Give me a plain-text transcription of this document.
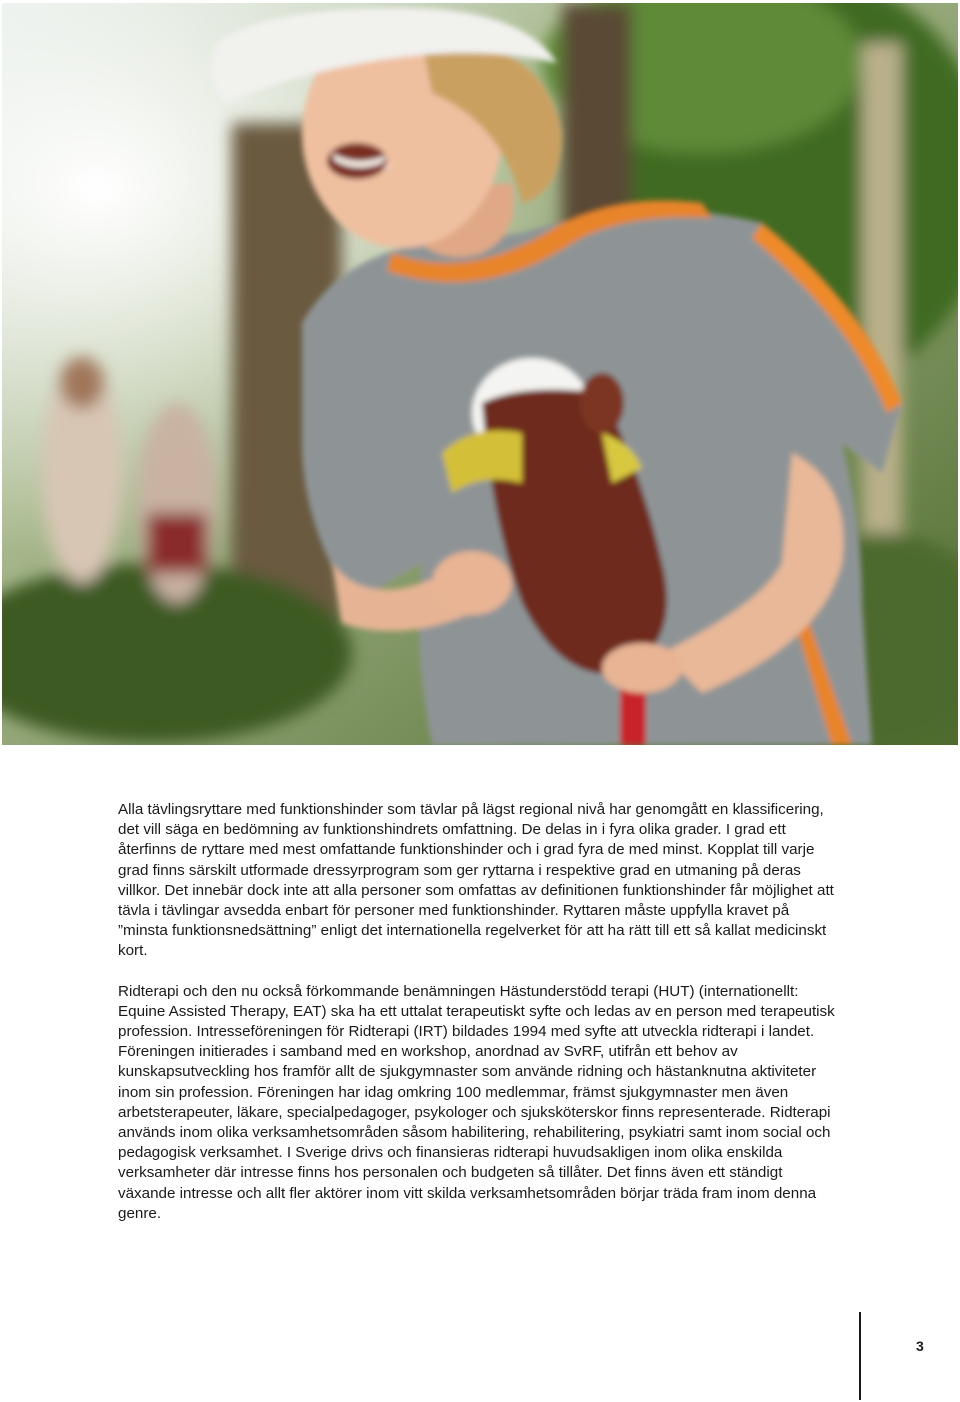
Alla tävlingsryttare med funktionshinder som tävlar på lägst regional nivå har genomgått en klassificering, det vill säga en bedömning av funktionshindrets omfattning. De delas in i fyra olika grader. I grad ett återfinns de ryttare med mest omfattande funktionshinder och i grad fyra de med minst. Kopplat till varje grad finns särskilt utformade dressyrprogram som ger ryttarna i respektive grad en utmaning på deras villkor. Det innebär dock inte att alla personer som omfattas av definitionen funktionshinder får möjlighet att tävla i tävlingar avsedda enbart för personer med funktionshinder. Ryttaren måste uppfylla kravet på ”minsta funktionsnedsättning” enligt det internationella regelverket för att ha rätt till ett så kallat medicinskt kort.

Ridterapi och den nu också förkommande benämningen Hästunderstödd terapi (HUT) (internationellt: Equine Assisted Therapy, EAT) ska ha ett uttalat terapeutiskt syfte och ledas av en person med terapeutisk profession. Intresseföreningen för Ridterapi (IRT) bildades 1994 med syfte att utveckla ridterapi i landet. Föreningen initierades i samband med en workshop, anordnad av SvRF, utifrån ett behov av kunskapsutveckling hos framför allt de sjukgymnaster som använde ridning och hästanknutna aktiviteter inom sin profession. Föreningen har idag omkring 100 medlemmar, främst sjukgymnaster men även arbetsterapeuter, läkare, specialpedagoger, psykologer och sjuksköterskor finns representerade. Ridterapi används inom olika verksamhetsområden såsom habilitering, rehabilitering, psykiatri samt inom social och pedagogisk verksamhet. I Sverige drivs och finansieras ridterapi huvudsakligen inom olika enskilda verksamheter där intresse finns hos personalen och budgeten så tillåter. Det finns även ett ständigt växande intresse och allt fler aktörer inom vitt skilda verksamhetsområden börjar träda fram inom denna genre.

3
